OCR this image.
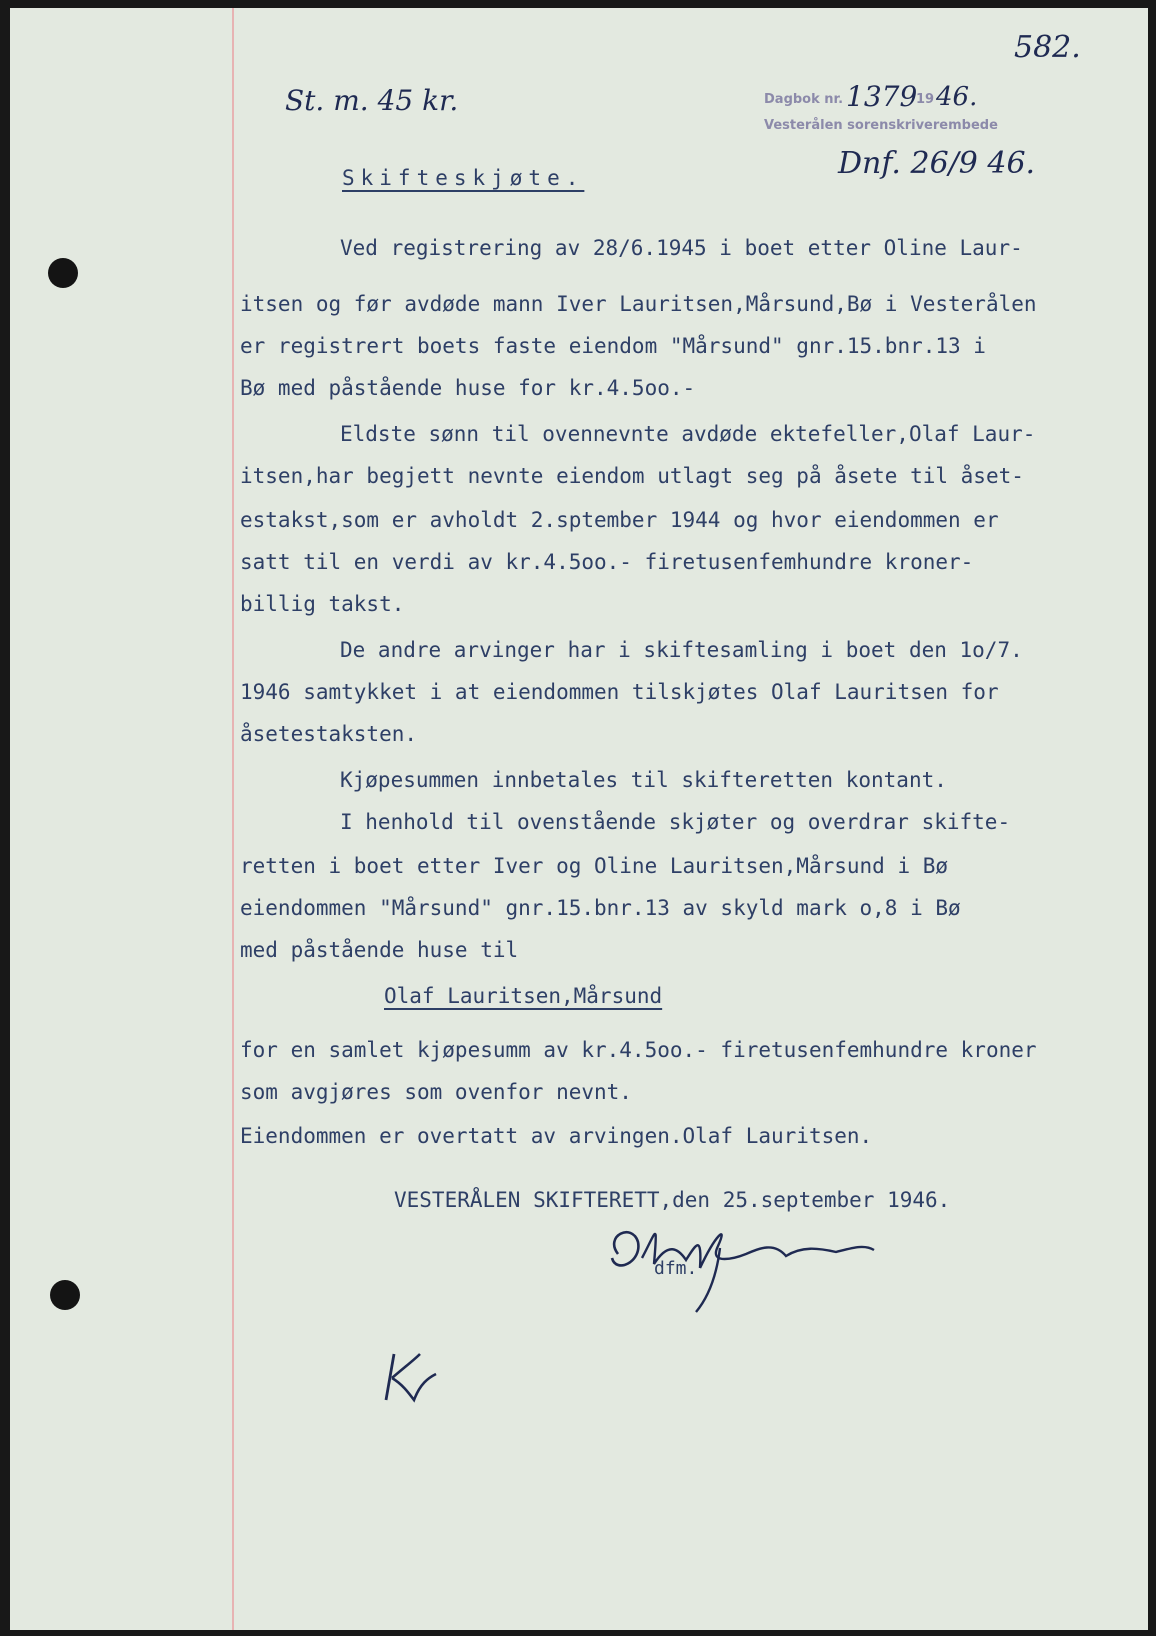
582.
St. m. 45 kr.	Dagbok nr. 1379
19 46.
Vesterålen sorenskriverembede
Dnf. 26/9 46.
Skifteskjøte.
Ved registrering av 28/6.1945 i boet etter Oline Laur-
itsen og før avdøde mann Iver Lauritsen,Mårsund,Bø i Vesterålen
er registrert boets faste eiendom "Mårsund" gnr.15.bnr.13 i
Bø med påstående huse for kr.4.5oo.-
Eldste sønn til ovennevnte avdøde ektefeller,Olaf Laur-
itsen,har begjett nevnte eiendom utlagt seg på åsete til åset-
estakst,som er avholdt 2.sptember 1944 og hvor eiendommen er
satt til en verdi av kr.4.5oo.- firetusenfemhundre kroner-
billig takst.
De andre arvinger har i skiftesamling i boet den 1o/7.
1946 samtykket i at eiendommen tilskjøtes Olaf Lauritsen for
åsetestaksten.
Kjøpesummen innbetales til skifteretten kontant.
I henhold til ovenstående skjøter og overdrar skifte-
retten i boet etter Iver og Oline Lauritsen,Mårsund i Bø
eiendommen "Mårsund" gnr.15.bnr.13 av skyld mark o,8 i Bø
med påstående huse til
Olaf Lauritsen,Mårsund
for en samlet kjøpesumm av kr.4.5oo.- firetusenfemhundre kroner
som avgjøres som ovenfor nevnt.
Eiendommen er overtatt av arvingen.Olaf Lauritsen.
VESTERÅLEN SKIFTERETT,den 25.september 1946.
dfm.
